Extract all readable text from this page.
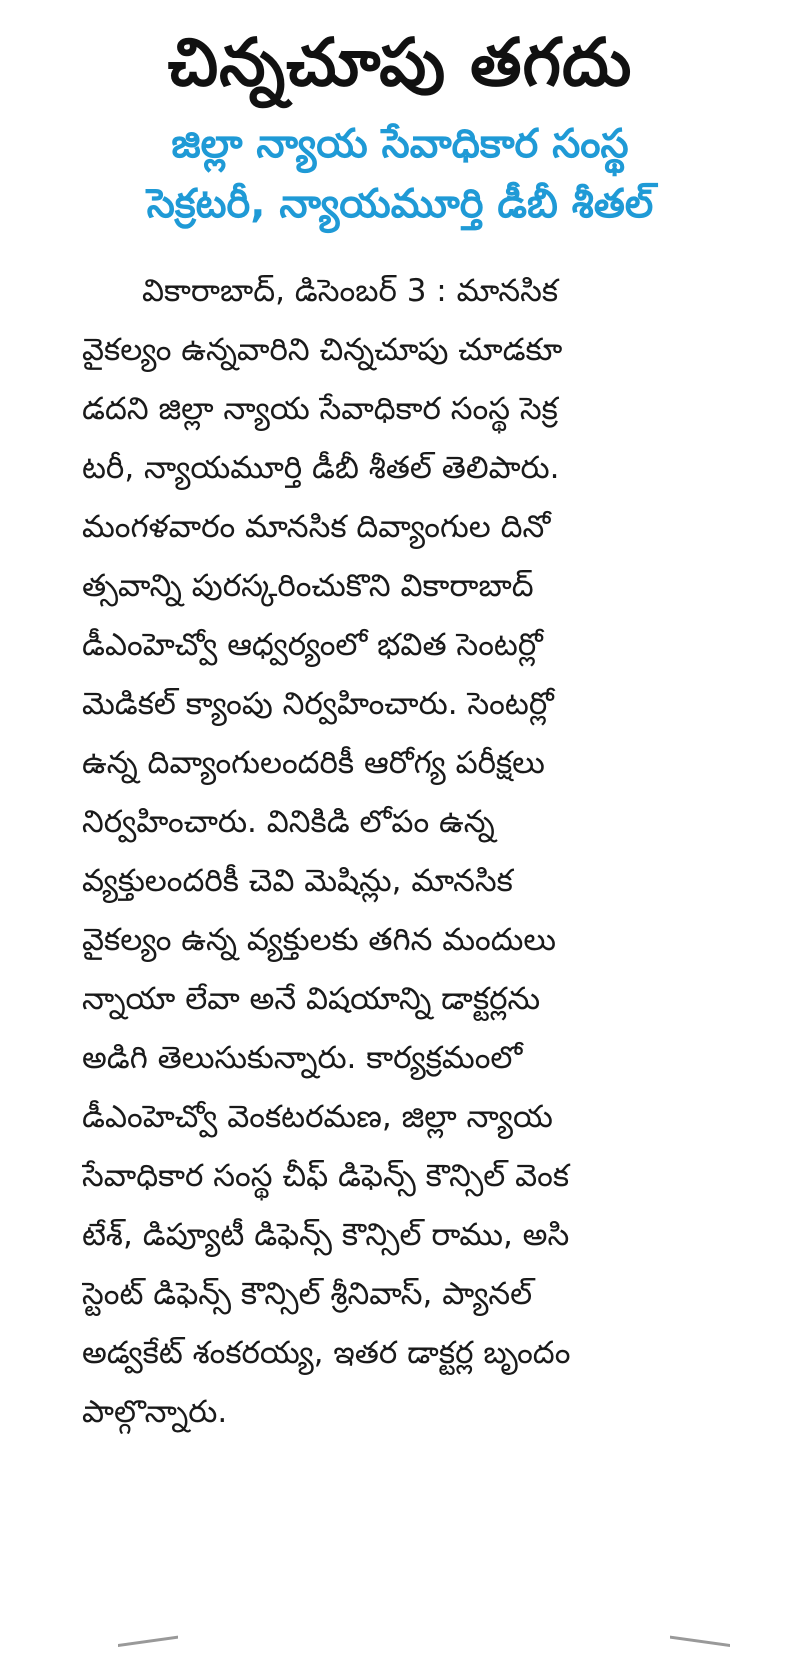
చిన్నచూపు తగదు
జిల్లా న్యాయ సేవాధికార సంస్థ
సెక్రటరీ, న్యాయమూర్తి డీబీ శీతల్
వికారాబాద్, డిసెంబర్ 3 : మానసిక
వైకల్యం ఉన్నవారిని చిన్నచూపు చూడకూ
డదని జిల్లా న్యాయ సేవాధికార సంస్థ సెక్ర
టరీ, న్యాయమూర్తి డీబీ శీతల్ తెలిపారు.
మంగళవారం మానసిక దివ్యాంగుల దినో
త్సవాన్ని పురస్కరించుకొని వికారాబాద్
డీఎంహెచ్వో ఆధ్వర్యంలో భవిత సెంటర్లో
మెడికల్ క్యాంపు నిర్వహించారు. సెంటర్లో
ఉన్న దివ్యాంగులందరికీ ఆరోగ్య పరీక్షలు
నిర్వహించారు. వినికిడి లోపం ఉన్న
వ్యక్తులందరికీ చెవి మెషిన్లు, మానసిక
వైకల్యం ఉన్న వ్యక్తులకు తగిన మందులు
న్నాయా లేవా అనే విషయాన్ని డాక్టర్లను
అడిగి తెలుసుకున్నారు. కార్యక్రమంలో
డీఎంహెచ్వో వెంకటరమణ, జిల్లా న్యాయ
సేవాధికార సంస్థ చీఫ్ డిఫెన్స్ కౌన్సిల్ వెంక
టేశ్, డిప్యూటీ డిఫెన్స్ కౌన్సిల్ రాము, అసి
స్టెంట్ డిఫెన్స్ కౌన్సిల్ శ్రీనివాస్, ప్యానల్
అడ్వకేట్ శంకరయ్య, ఇతర డాక్టర్ల బృందం
పాల్గొన్నారు.
